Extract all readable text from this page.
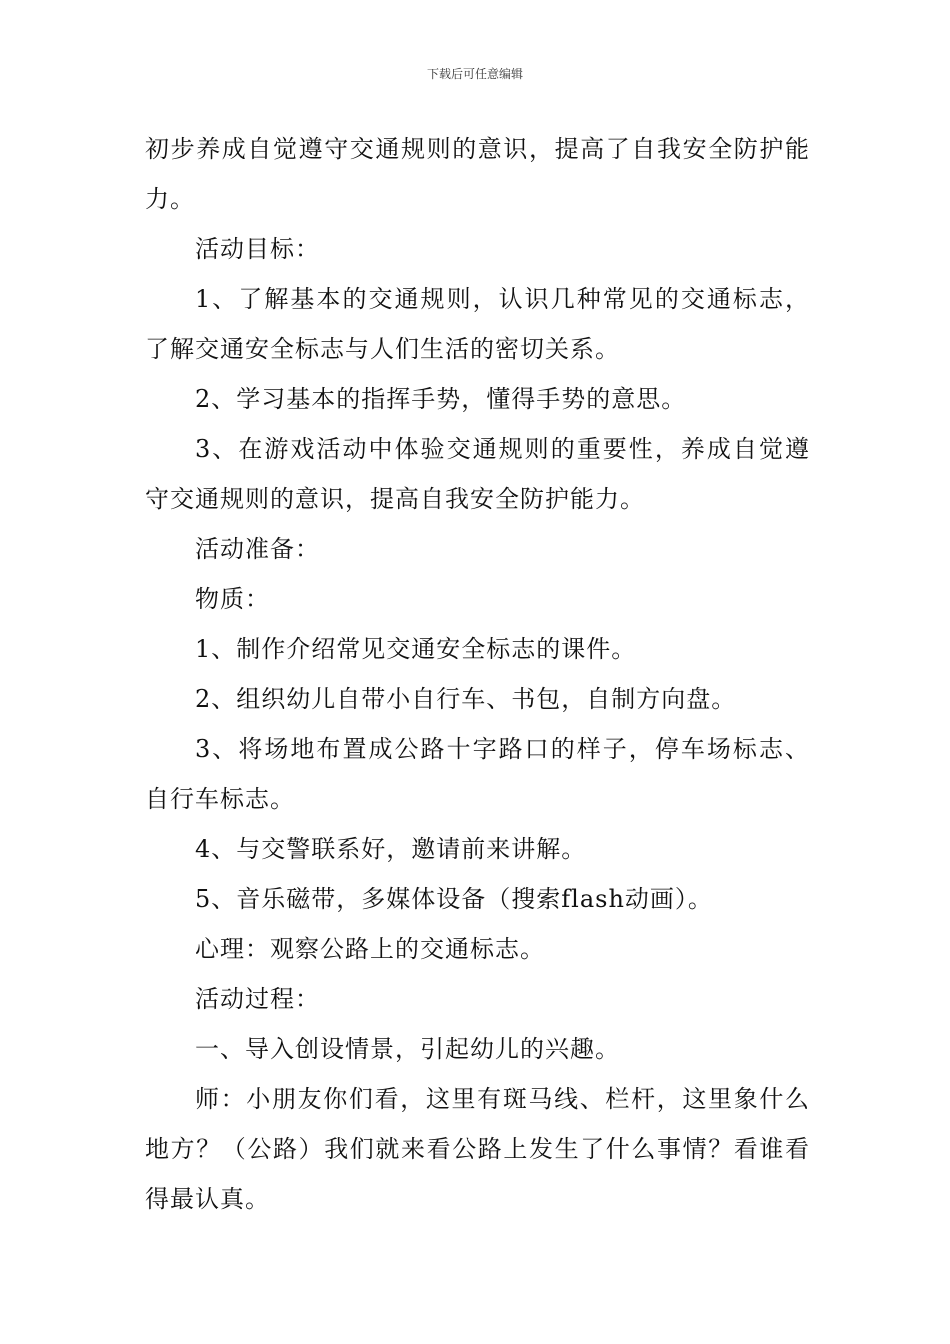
下载后可任意编辑

初步养成自觉遵守交通规则的意识，提高了自我安全防护能力。

活动目标：

1、了解基本的交通规则，认识几种常见的交通标志，了解交通安全标志与人们生活的密切关系。

2、学习基本的指挥手势，懂得手势的意思。

3、在游戏活动中体验交通规则的重要性，养成自觉遵守交通规则的意识，提高自我安全防护能力。

活动准备：

物质：

1、制作介绍常见交通安全标志的课件。

2、组织幼儿自带小自行车、书包，自制方向盘。

3、将场地布置成公路十字路口的样子，停车场标志、自行车标志。

4、与交警联系好，邀请前来讲解。

5、音乐磁带，多媒体设备（搜索flash动画）。

心理：观察公路上的交通标志。

活动过程：

一、导入创设情景，引起幼儿的兴趣。

师：小朋友你们看，这里有斑马线、栏杆，这里象什么地方？（公路）我们就来看公路上发生了什么事情？看谁看得最认真。
